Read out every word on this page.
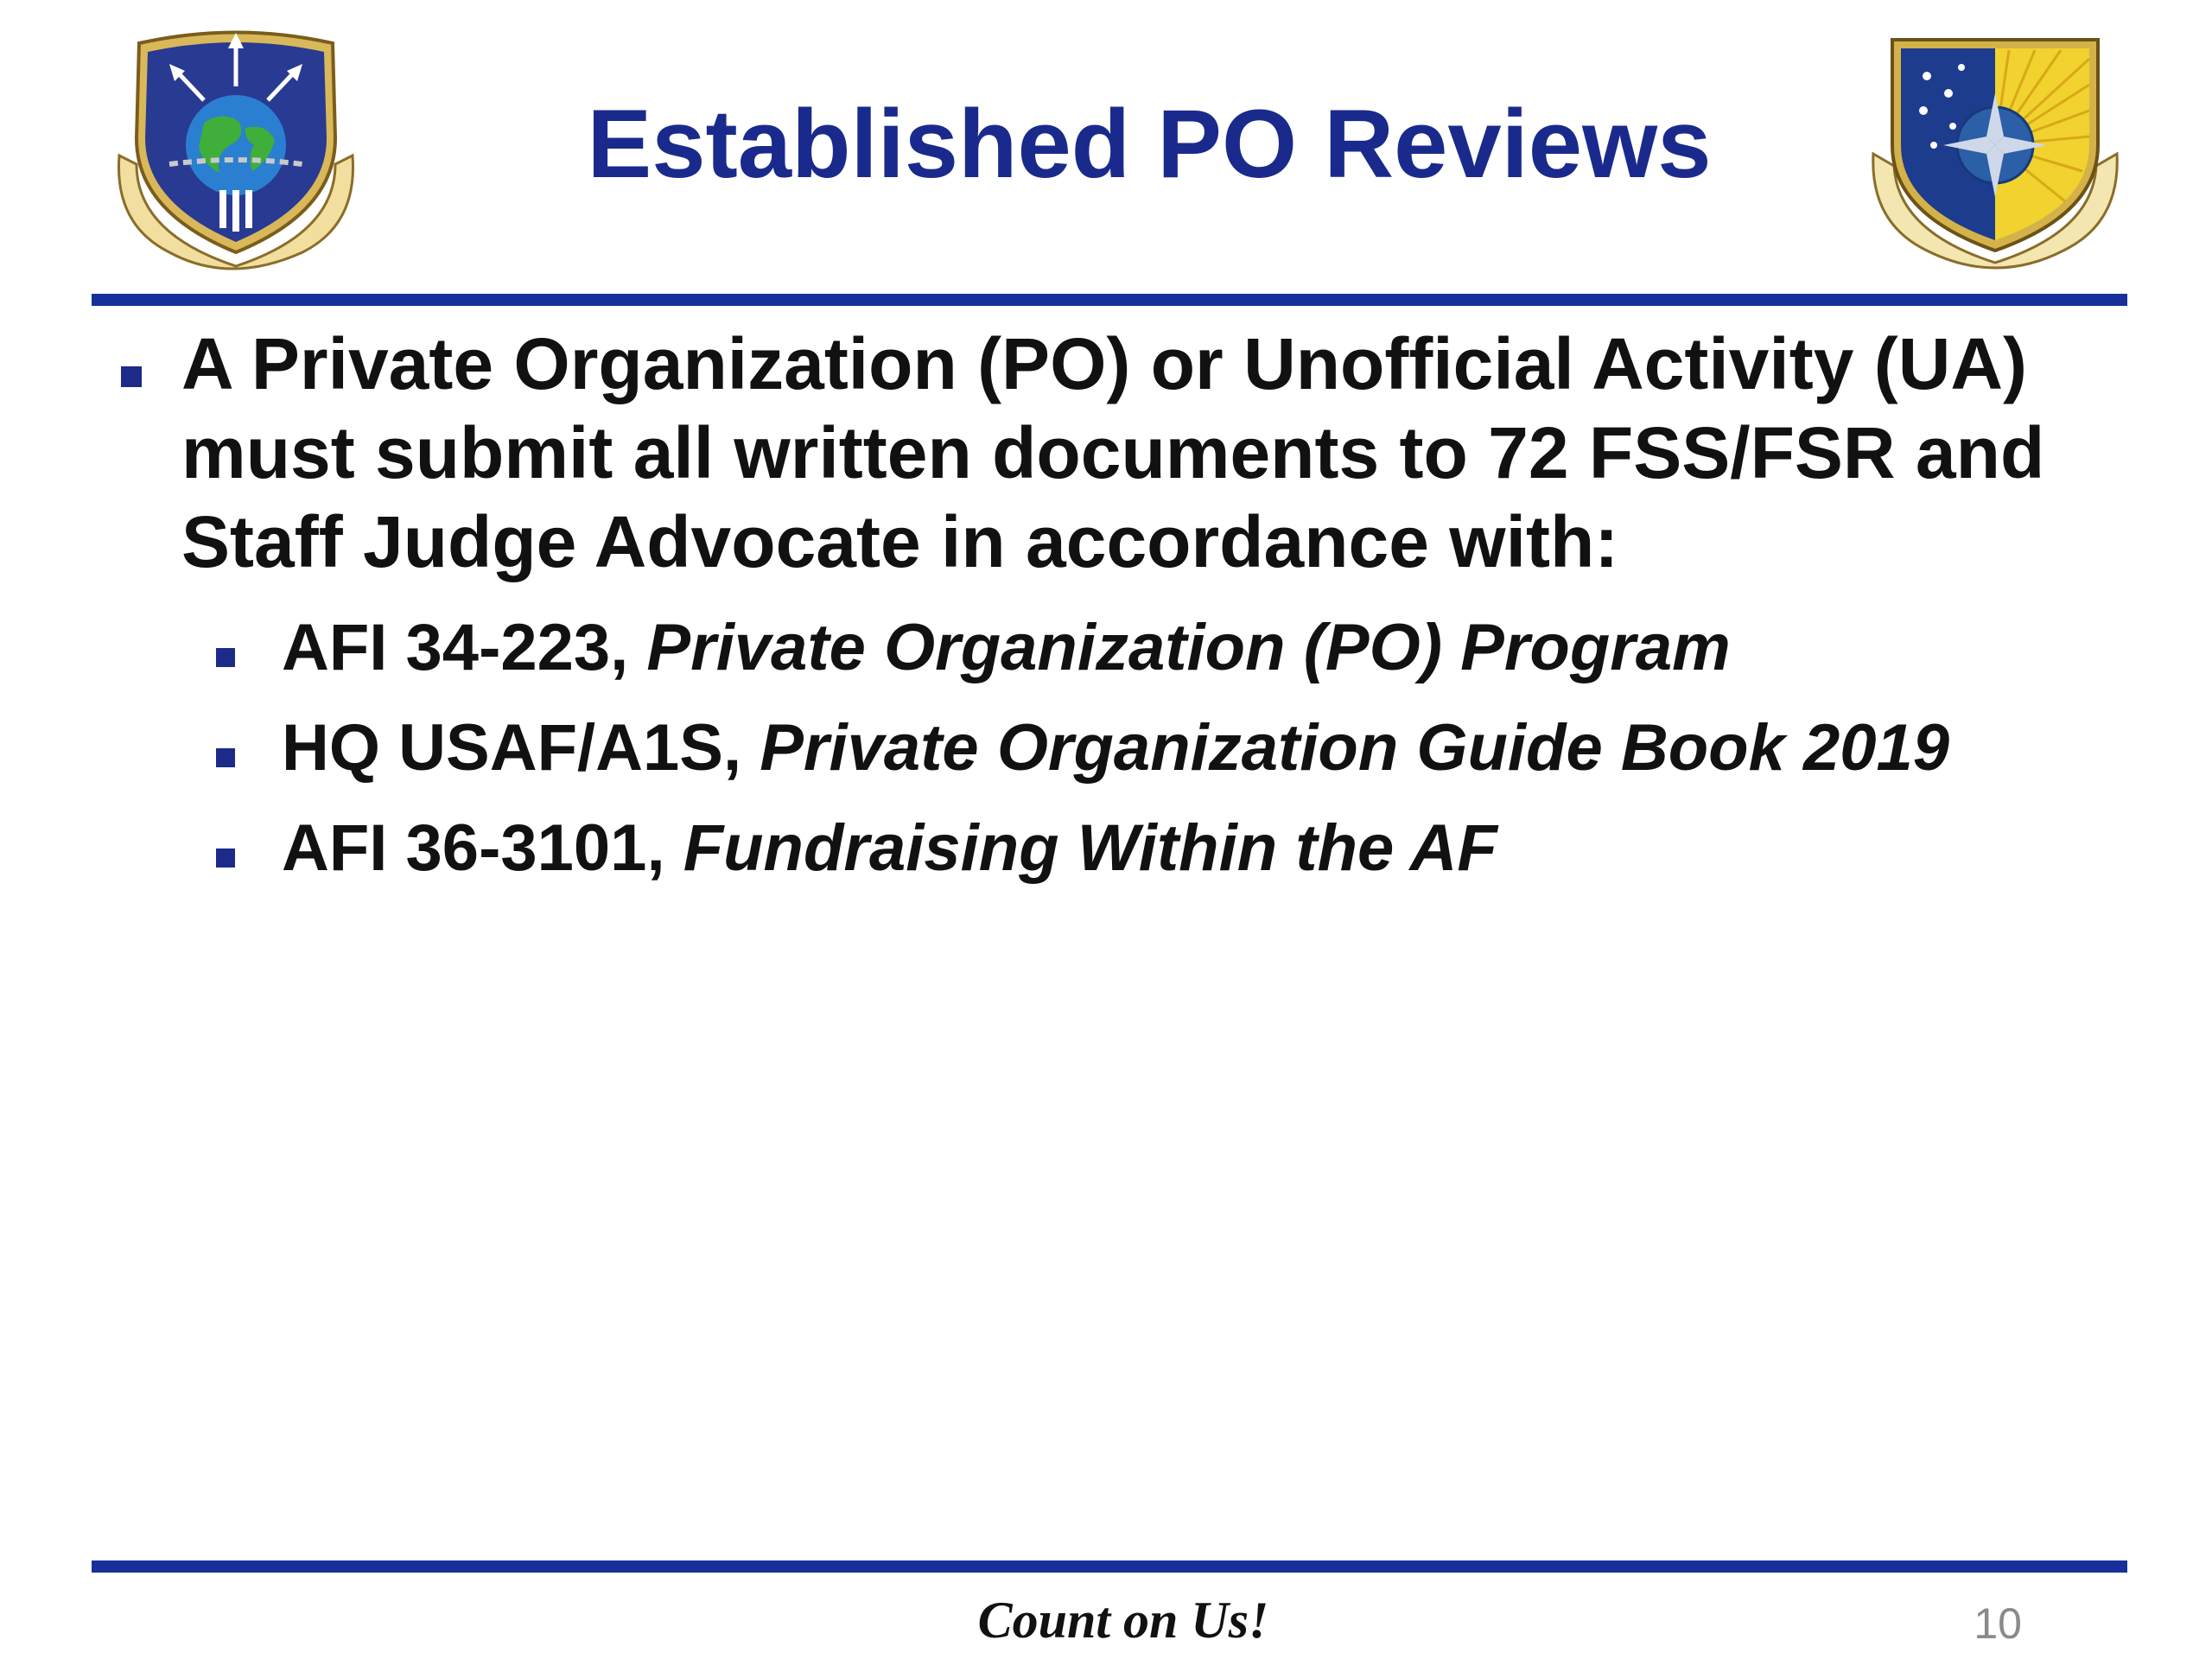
Established PO Reviews
A Private Organization (PO) or Unofficial Activity (UA) must submit all written documents to 72 FSS/FSR and Staff Judge Advocate in accordance with:
AFI 34-223, Private Organization (PO) Program
HQ USAF/A1S, Private Organization Guide Book 2019
AFI 36-3101, Fundraising Within the AF
Count on Us!	10
